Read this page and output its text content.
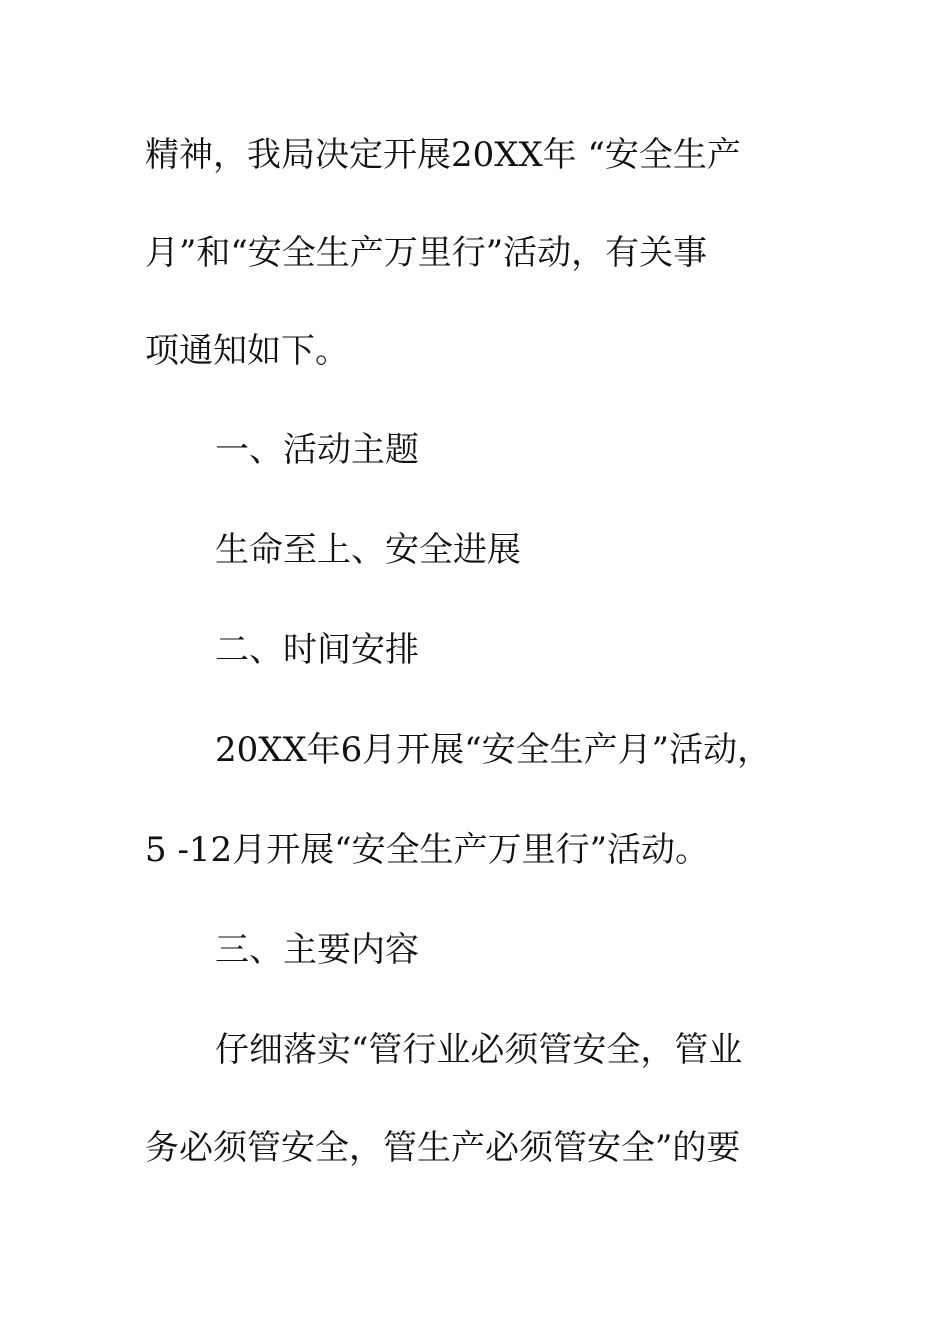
精神，我局决定开展20XX年 “安全生产
月”和“安全生产万里行”活动，有关事
项通知如下。
一、活动主题
生命至上、安全进展
二、时间安排
20XX年6月开展“安全生产月”活动，
5 -12月开展“安全生产万里行”活动。
三、主要内容
仔细落实“管行业必须管安全，管业
务必须管安全，管生产必须管安全”的要
